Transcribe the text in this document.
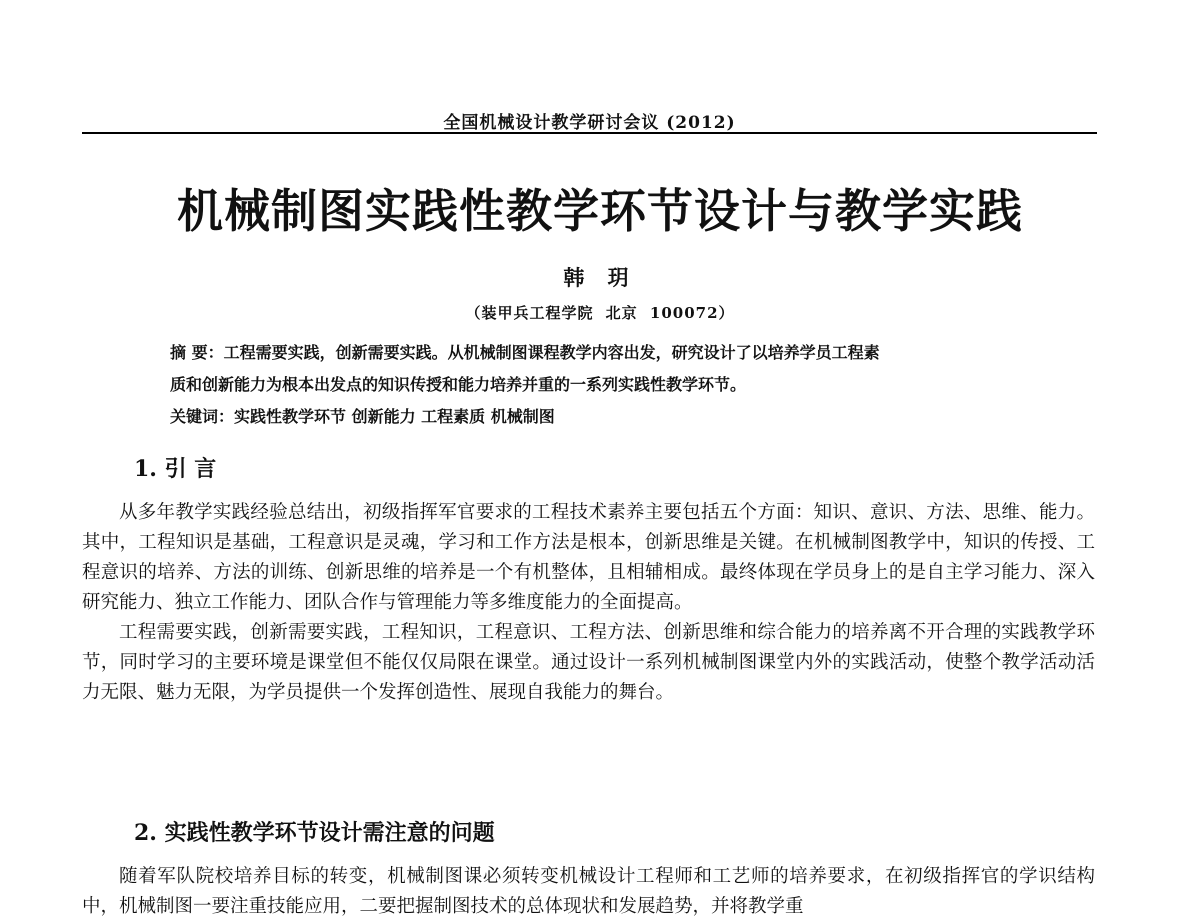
全国机械设计教学研讨会议 (2012)
机械制图实践性教学环节设计与教学实践
韩 玥
（装甲兵工程学院 北京 100072）
摘 要：工程需要实践，创新需要实践。从机械制图课程教学内容出发，研究设计了以培养学员工程素
质和创新能力为根本出发点的知识传授和能力培养并重的一系列实践性教学环节。
关键词：实践性教学环节 创新能力 工程素质 机械制图
1. 引 言

从多年教学实践经验总结出，初级指挥军官要求的工程技术素养主要包括五个方面：知识、意识、方法、思维、能力。其中，工程知识是基础，工程意识是灵魂，学习和工作方法是根本，创新思维是关键。在机械制图教学中，知识的传授、工程意识的培养、方法的训练、创新思维的培养是一个有机整体，且相辅相成。最终体现在学员身上的是自主学习能力、深入研究能力、独立工作能力、团队合作与管理能力等多维度能力的全面提高。

工程需要实践，创新需要实践，工程知识，工程意识、工程方法、创新思维和综合能力的培养离不开合理的实践教学环节，同时学习的主要环境是课堂但不能仅仅局限在课堂。通过设计一系列机械制图课堂内外的实践活动，使整个教学活动活力无限、魅力无限，为学员提供一个发挥创造性、展现自我能力的舞台。

2. 实践性教学环节设计需注意的问题

随着军队院校培养目标的转变，机械制图课必须转变机械设计工程师和工艺师的培养要求，在初级指挥官的学识结构中，机械制图一要注重技能应用，二要把握制图技术的总体现状和发展趋势，并将教学重
